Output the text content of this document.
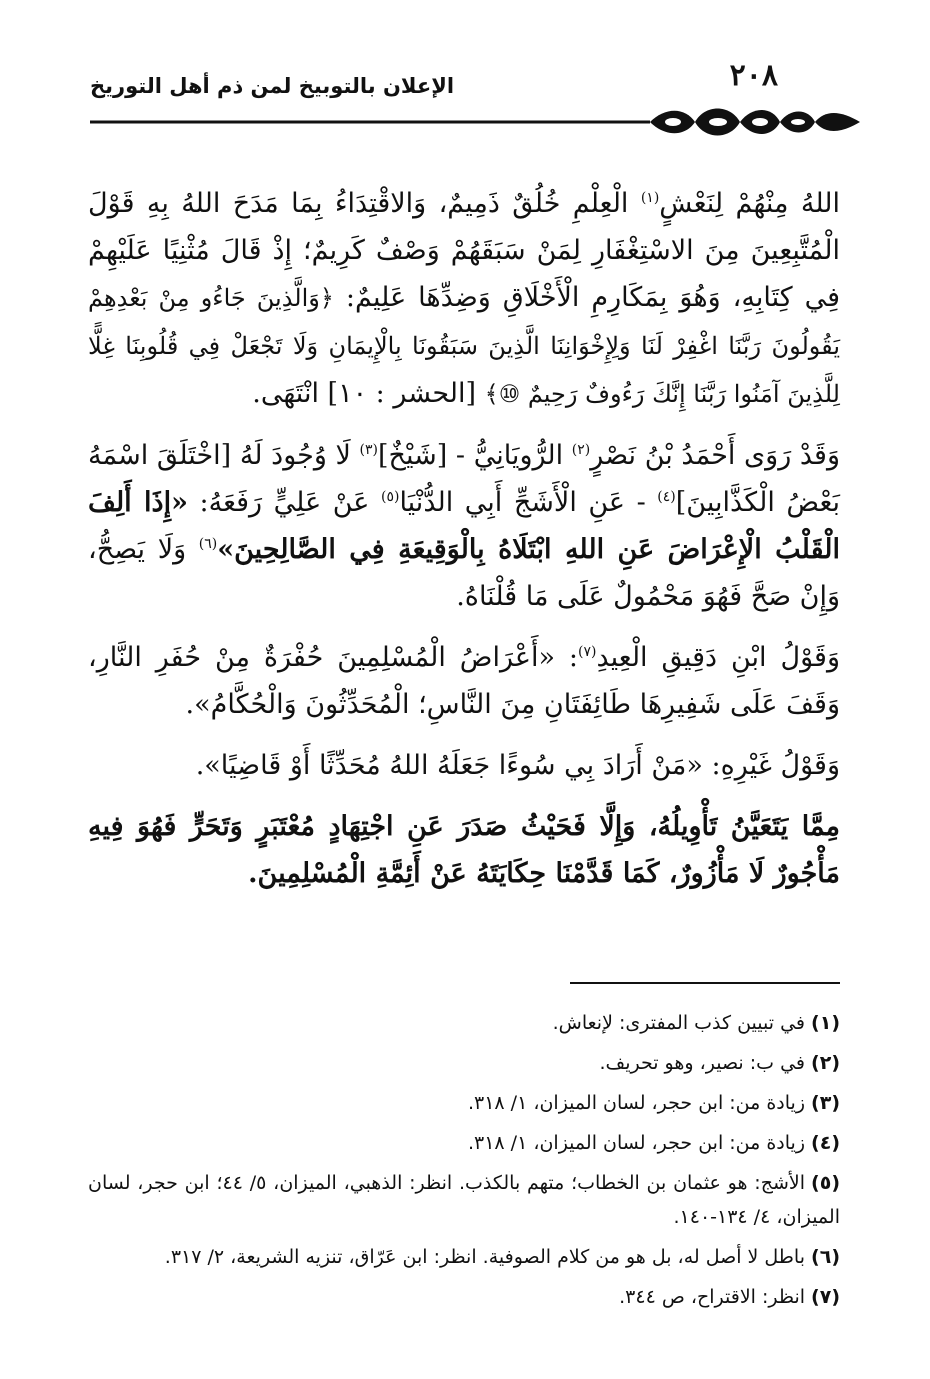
٢٠٨
الإعلان بالتوبيخ لمن ذم أهل التوريخ

اللهُ مِنْهُمْ لِنَعْشٍ$^{(١)}$ الْعِلْمِ خُلُقٌ ذَمِيمٌ، وَالاقْتِدَاءُ بِمَا مَدَحَ اللهُ بِهِ قَوْلَ الْمُتَّبِعِينَ مِنَ الاسْتِغْفَارِ لِمَنْ سَبَقَهُمْ وَصْفٌ كَرِيمٌ؛ إِذْ قَالَ مُثْنِيًا عَلَيْهِمْ فِي كِتَابِهِ، وَهُوَ بِمَكَارِمِ الْأَخْلَاقِ وَضِدِّهَا عَلِيمٌ: ﴿وَالَّذِينَ جَاءُو مِنْ بَعْدِهِمْ يَقُولُونَ رَبَّنَا اغْفِرْ لَنَا وَلِإِخْوَانِنَا الَّذِينَ سَبَقُونَا بِالْإِيمَانِ وَلَا تَجْعَلْ فِي قُلُوبِنَا غِلًّا لِلَّذِينَ آمَنُوا رَبَّنَا إِنَّكَ رَءُوفٌ رَحِيمٌ ⑩﴾ [الحشر : ١٠] انْتَهَى.

وَقَدْ رَوَى أَحْمَدُ بْنُ نَصْرٍ$^{(٢)}$ الرُّويَانِيُّ - [شَيْخٌ]$^{(٣)}$ لَا وُجُودَ لَهُ [اخْتَلَقَ اسْمَهُ بَعْضُ الْكَذَّابِينَ]$^{(٤)}$ - عَنِ الْأَشَجِّ أَبِي الدُّنْيَا$^{(٥)}$ عَنْ عَلِيٍّ رَفَعَهُ: «إِذَا أَلِفَ الْقَلْبُ الْإِعْرَاضَ عَنِ اللهِ ابْتَلَاهُ بِالْوَقِيعَةِ فِي الصَّالِحِينَ»$^{(٦)}$ وَلَا يَصِحُّ، وَإِنْ صَحَّ فَهُوَ مَحْمُولٌ عَلَى مَا قُلْنَاهُ.

وَقَوْلُ ابْنِ دَقِيقِ الْعِيدِ$^{(٧)}$: «أَعْرَاضُ الْمُسْلِمِينَ حُفْرَةٌ مِنْ حُفَرِ النَّارِ، وَقَفَ عَلَى شَفِيرِهَا طَائِفَتَانِ مِنَ النَّاسِ؛ الْمُحَدِّثُونَ وَالْحُكَّامُ».

وَقَوْلُ غَيْرِهِ: «مَنْ أَرَادَ بِي سُوءًا جَعَلَهُ اللهُ مُحَدِّثًا أَوْ قَاضِيًا».

مِمَّا يَتَعَيَّنُ تَأْوِيلُهُ، وَإِلَّا فَحَيْثُ صَدَرَ عَنِ اجْتِهَادٍ مُعْتَبَرٍ وَتَحَرٍّ فَهُوَ فِيهِ مَأْجُورٌ لَا مَأْزُورٌ، كَمَا قَدَّمْنَا حِكَايَتَهُ عَنْ أَئِمَّةِ الْمُسْلِمِينَ.

(١)في تبيين كذب المفترى: لإنعاش.
(٢)في ب: نصير، وهو تحريف.
(٣)زيادة من: ابن حجر، لسان الميزان، ١/ ٣١٨.
(٤)زيادة من: ابن حجر، لسان الميزان، ١/ ٣١٨.
(٥)الأشج: هو عثمان بن الخطاب؛ متهم بالكذب. انظر: الذهبي، الميزان، ٥/ ٤٤؛ ابن حجر، لسان الميزان، ٤/ ١٣٤-١٤٠.
(٦)باطل لا أصل له، بل هو من كلام الصوفية. انظر: ابن عَرّاق، تنزيه الشريعة، ٢/ ٣١٧.
(٧)انظر: الاقتراح، ص ٣٤٤.
